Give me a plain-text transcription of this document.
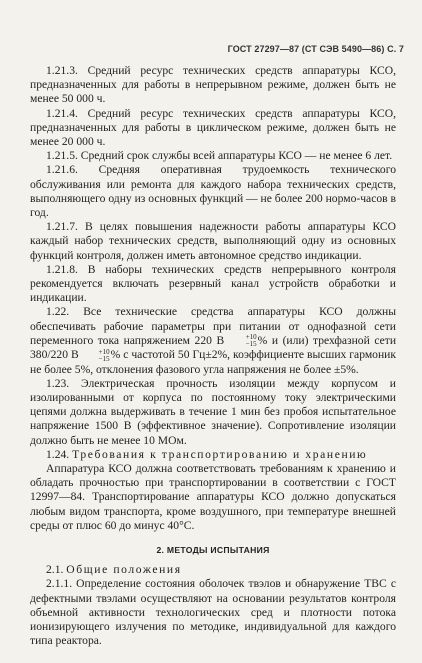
ГОСТ 27297—87 (СТ СЭВ 5490—86) С. 7

1.21.3. Средний ресурс технических средств аппаратуры КСО, предназначенных для работы в непрерывном режиме, должен быть не менее 50 000 ч.

1.21.4. Средний ресурс технических средств аппаратуры КСО, предназначенных для работы в циклическом режиме, должен быть не менее 20 000 ч.

1.21.5. Средний срок службы всей аппаратуры КСО — не менее 6 лет.

1.21.6. Средняя оперативная трудоемкость технического обслуживания или ремонта для каждого набора технических средств, выполняющего одну из основных функций — не более 200 нормо-часов в год.

1.21.7. В целях повышения надежности работы аппаратуры КСО каждый набор технических средств, выполняющий одну из основных функций контроля, должен иметь автономное средство индикации.

1.21.8. В наборы технических средств непрерывного контроля рекомендуется включать резервный канал устройств обработки и индикации.

1.22. Все технические средства аппаратуры КСО должны обеспечивать рабочие параметры при питании от однофазной сети переменного тока напряжением 220 В	+10
−15 % и (или) трехфазной сети 380/220 В	+10
−15 % с частотой 50 Гц±2%, коэффициенте высших гармоник не более 5%, отклонения фазового угла напряжения не более ±5%.

1.23. Электрическая прочность изоляции между корпусом и изолированными от корпуса по постоянному току электрическими цепями должна выдерживать в течение 1 мин без пробоя испытательное напряжение 1500 В (эффективное значение). Сопротивление изоляции должно быть не менее 10 МОм.

1.24. Требования к транспортированию и хранению

Аппаратура КСО должна соответствовать требованиям к хранению и обладать прочностью при транспортировании в соответствии с ГОСТ 12997—84. Транспортирование аппаратуры КСО должно допускаться любым видом транспорта, кроме воздушного, при температуре внешней среды от плюс 60 до минус 40°С.

2. МЕТОДЫ ИСПЫТАНИЯ

2.1. Общие положения

2.1.1. Определение состояния оболочек твэлов и обнаружение ТВС с дефектными твэлами осуществляют на основании результатов контроля объемной активности технологических сред и плотности потока ионизирующего излучения по методике, индивидуальной для каждого типа реактора.
